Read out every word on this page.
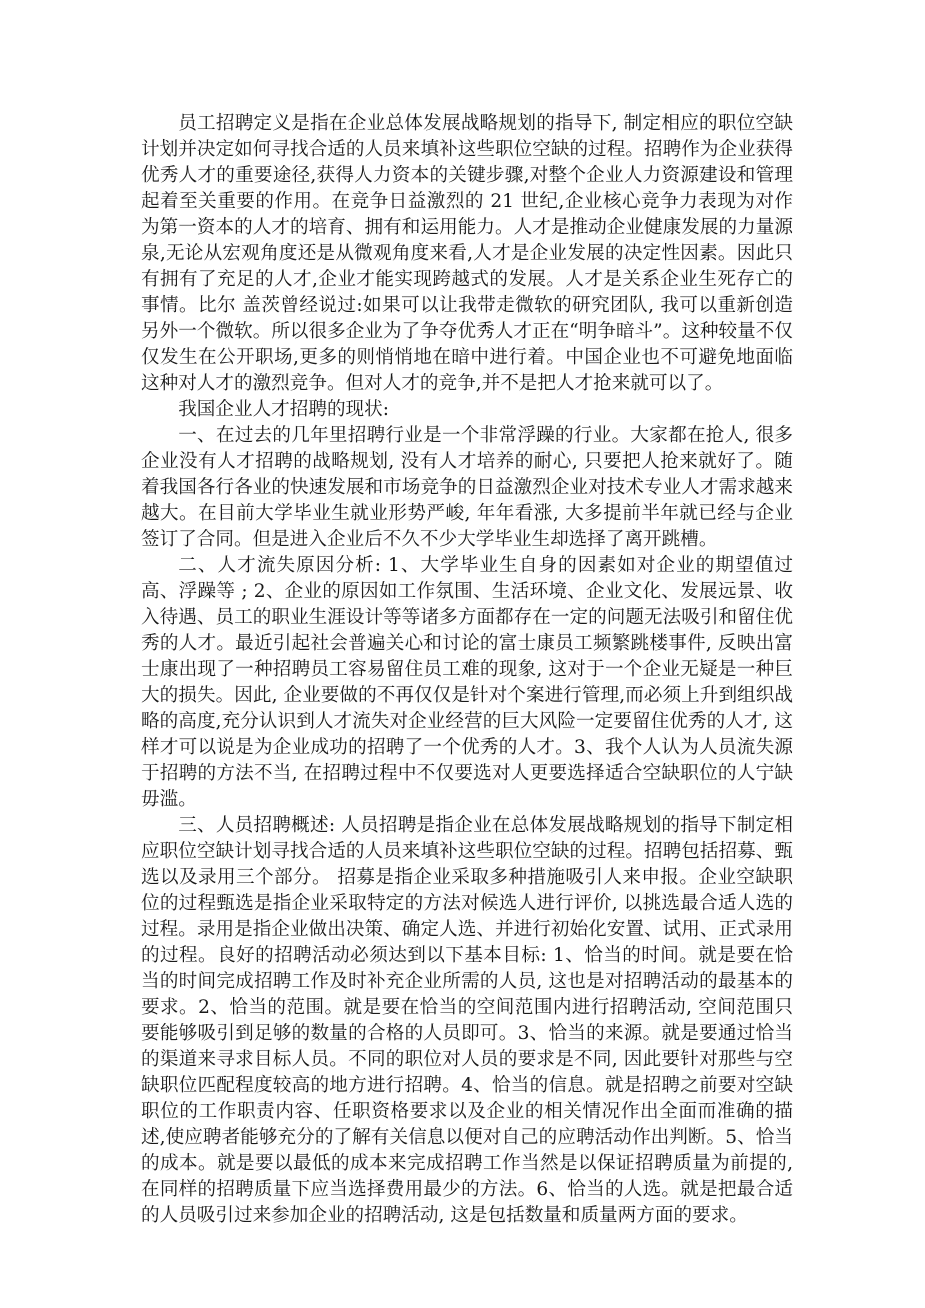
员工招聘定义是指在企业总体发展战略规划的指导下, 制定相应的职位空缺计划并决定如何寻找合适的人员来填补这些职位空缺的过程。招聘作为企业获得优秀人才的重要途径,获得人力资本的关键步骤,对整个企业人力资源建设和管理起着至关重要的作用。在竞争日益激烈的 21 世纪,企业核心竞争力表现为对作为第一资本的人才的培育、拥有和运用能力。人才是推动企业健康发展的力量源泉,无论从宏观角度还是从微观角度来看,人才是企业发展的决定性因素。因此只有拥有了充足的人才,企业才能实现跨越式的发展。人才是关系企业生死存亡的事情。比尔 盖茨曾经说过:如果可以让我带走微软的研究团队, 我可以重新创造另外一个微软。所以很多企业为了争夺优秀人才正在“明争暗斗”。这种较量不仅仅发生在公开职场,更多的则悄悄地在暗中进行着。中国企业也不可避免地面临这种对人才的激烈竞争。但对人才的竞争,并不是把人才抢来就可以了。

我国企业人才招聘的现状:

一、在过去的几年里招聘行业是一个非常浮躁的行业。大家都在抢人, 很多企业没有人才招聘的战略规划, 没有人才培养的耐心, 只要把人抢来就好了。随着我国各行各业的快速发展和市场竞争的日益激烈企业对技术专业人才需求越来越大。在目前大学毕业生就业形势严峻, 年年看涨, 大多提前半年就已经与企业签订了合同。但是进入企业后不久不少大学毕业生却选择了离开跳槽。

二、人才流失原因分析: 1、大学毕业生自身的因素如对企业的期望值过高、浮躁等 ; 2、企业的原因如工作氛围、生活环境、企业文化、发展远景、收入待遇、员工的职业生涯设计等等诸多方面都存在一定的问题无法吸引和留住优秀的人才。最近引起社会普遍关心和讨论的富士康员工频繁跳楼事件, 反映出富士康出现了一种招聘员工容易留住员工难的现象, 这对于一个企业无疑是一种巨大的损失。因此, 企业要做的不再仅仅是针对个案进行管理,而必须上升到组织战略的高度,充分认识到人才流失对企业经营的巨大风险一定要留住优秀的人才, 这样才可以说是为企业成功的招聘了一个优秀的人才。3、我个人认为人员流失源于招聘的方法不当, 在招聘过程中不仅要选对人更要选择适合空缺职位的人宁缺毋滥。

三、人员招聘概述: 人员招聘是指企业在总体发展战略规划的指导下制定相应职位空缺计划寻找合适的人员来填补这些职位空缺的过程。招聘包括招募、甄选以及录用三个部分。 招募是指企业采取多种措施吸引人来申报。企业空缺职位的过程甄选是指企业采取特定的方法对候选人进行评价, 以挑选最合适人选的过程。录用是指企业做出决策、确定人选、并进行初始化安置、试用、正式录用的过程。良好的招聘活动必须达到以下基本目标: 1、恰当的时间。就是要在恰当的时间完成招聘工作及时补充企业所需的人员, 这也是对招聘活动的最基本的要求。2、恰当的范围。就是要在恰当的空间范围内进行招聘活动, 空间范围只要能够吸引到足够的数量的合格的人员即可。3、恰当的来源。就是要通过恰当的渠道来寻求目标人员。不同的职位对人员的要求是不同, 因此要针对那些与空缺职位匹配程度较高的地方进行招聘。4、恰当的信息。就是招聘之前要对空缺职位的工作职责内容、任职资格要求以及企业的相关情况作出全面而准确的描述,使应聘者能够充分的了解有关信息以便对自己的应聘活动作出判断。5、恰当的成本。就是要以最低的成本来完成招聘工作当然是以保证招聘质量为前提的, 在同样的招聘质量下应当选择费用最少的方法。6、恰当的人选。就是把最合适的人员吸引过来参加企业的招聘活动, 这是包括数量和质量两方面的要求。
